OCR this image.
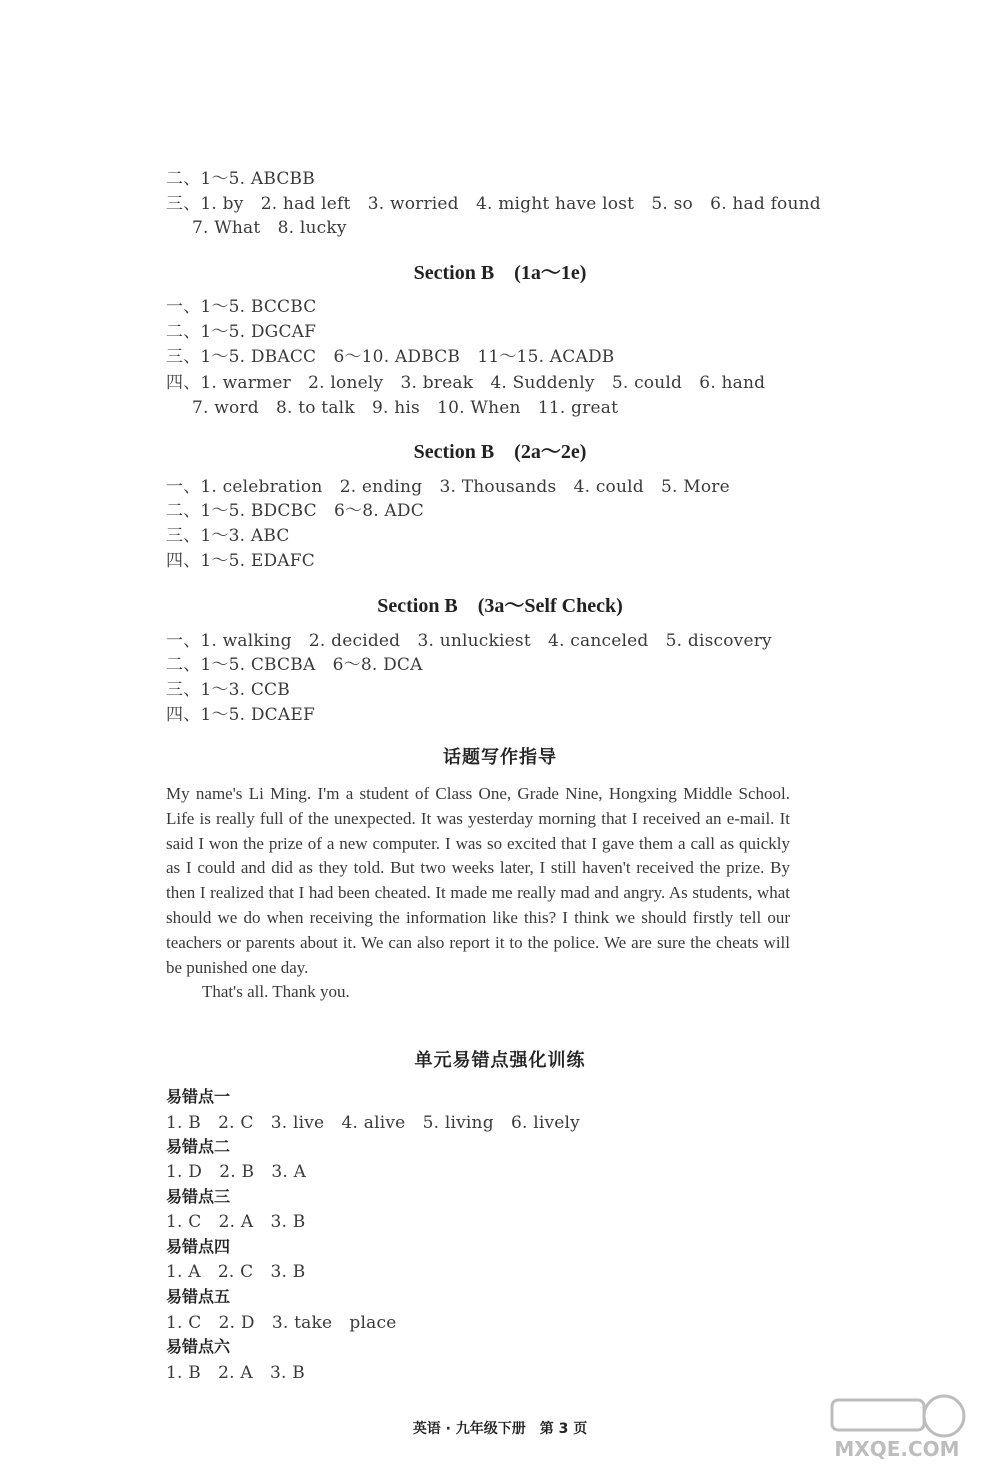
二、1～5. ABCBB
三、1. by　2. had left　3. worried　4. might have lost　5. so　6. had found
7. What　8. lucky
Section B　(1a～1e)
一、1～5. BCCBC
二、1～5. DGCAF
三、1～5. DBACC　6～10. ADBCB　11～15. ACADB
四、1. warmer　2. lonely　3. break　4. Suddenly　5. could　6. hand
7. word　8. to talk　9. his　10. When　11. great
Section B　(2a～2e)
一、1. celebration　2. ending　3. Thousands　4. could　5. More
二、1～5. BDCBC　6～8. ADC
三、1～3. ABC
四、1～5. EDAFC
Section B　(3a～Self Check)
一、1. walking　2. decided　3. unluckiest　4. canceled　5. discovery
二、1～5. CBCBA　6～8. DCA
三、1～3. CCB
四、1～5. DCAEF
话题写作指导

My name's Li Ming. I'm a student of Class One, Grade Nine, Hongxing Middle School. Life is really full of the unexpected. It was yesterday morning that I received an e-mail. It said I won the prize of a new computer. I was so excited that I gave them a call as quickly as I could and did as they told. But two weeks later, I still haven't received the prize. By then I realized that I had been cheated. It made me really mad and angry. As students, what should we do when receiving the information like this? I think we should firstly tell our teachers or parents about it. We can also report it to the police. We are sure the cheats will be punished one day.

That's all. Thank you.

单元易错点强化训练
易错点一
1. B　2. C　3. live　4. alive　5. living　6. lively
易错点二
1. D　2. B　3. A
易错点三
1. C　2. A　3. B
易错点四
1. A　2. C　3. B
易错点五
1. C　2. D　3. take　place
易错点六
1. B　2. A　3. B
英语 · 九年级下册　第 3 页
MXQE.COM
